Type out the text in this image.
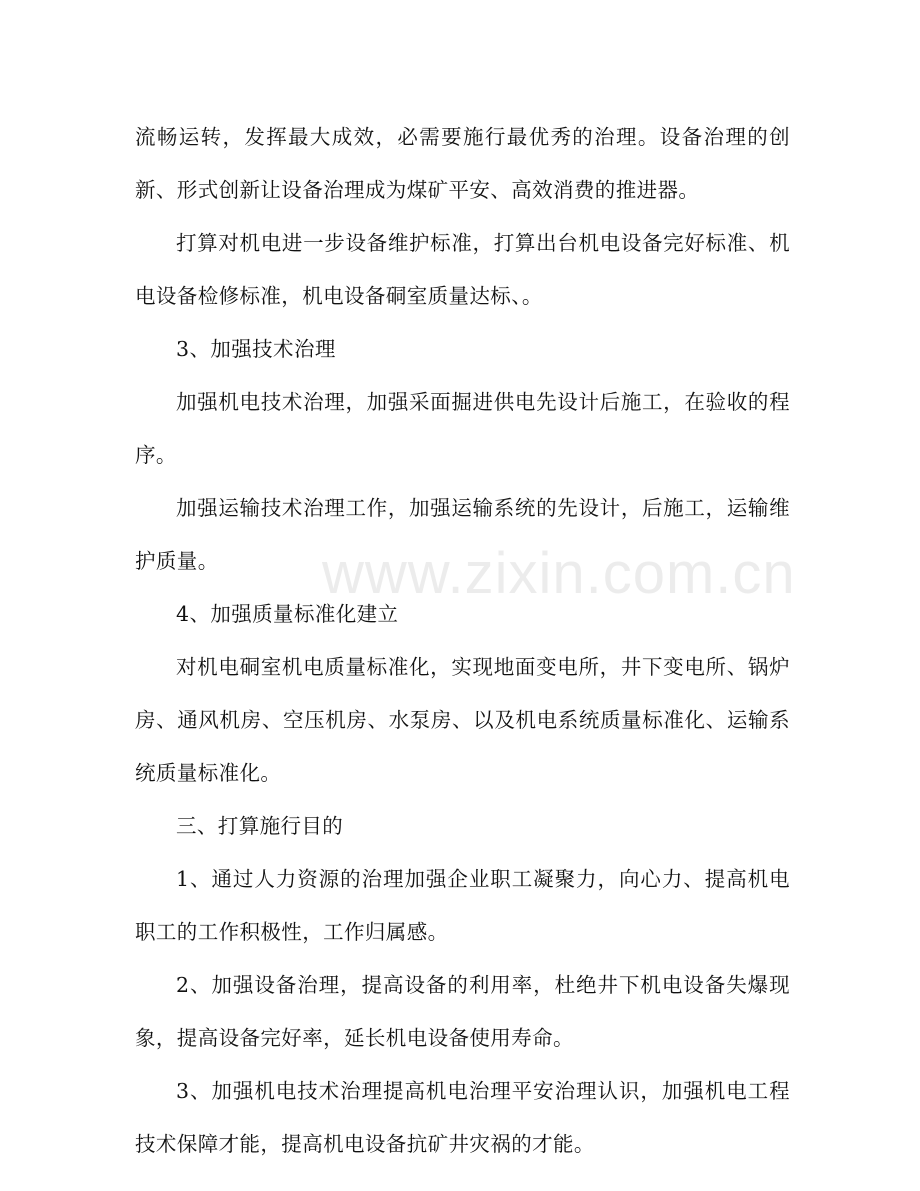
流畅运转，发挥最大成效，必需要施行最优秀的治理。设备治理的创新、形式创新让设备治理成为煤矿平安、高效消费的推进器。

打算对机电进一步设备维护标准，打算出台机电设备完好标准、机电设备检修标准，机电设备硐室质量达标、。

3、加强技术治理

加强机电技术治理，加强采面掘进供电先设计后施工，在验收的程序。

加强运输技术治理工作，加强运输系统的先设计，后施工，运输维护质量。

4、加强质量标准化建立

对机电硐室机电质量标准化，实现地面变电所，井下变电所、锅炉房、通风机房、空压机房、水泵房、以及机电系统质量标准化、运输系统质量标准化。

三、打算施行目的

1、通过人力资源的治理加强企业职工凝聚力，向心力、提高机电职工的工作积极性，工作归属感。

2、加强设备治理，提高设备的利用率，杜绝井下机电设备失爆现象，提高设备完好率，延长机电设备使用寿命。

3、加强机电技术治理提高机电治理平安治理认识，加强机电工程技术保障才能，提高机电设备抗矿井灾祸的才能。

www.zixin.com.cn
